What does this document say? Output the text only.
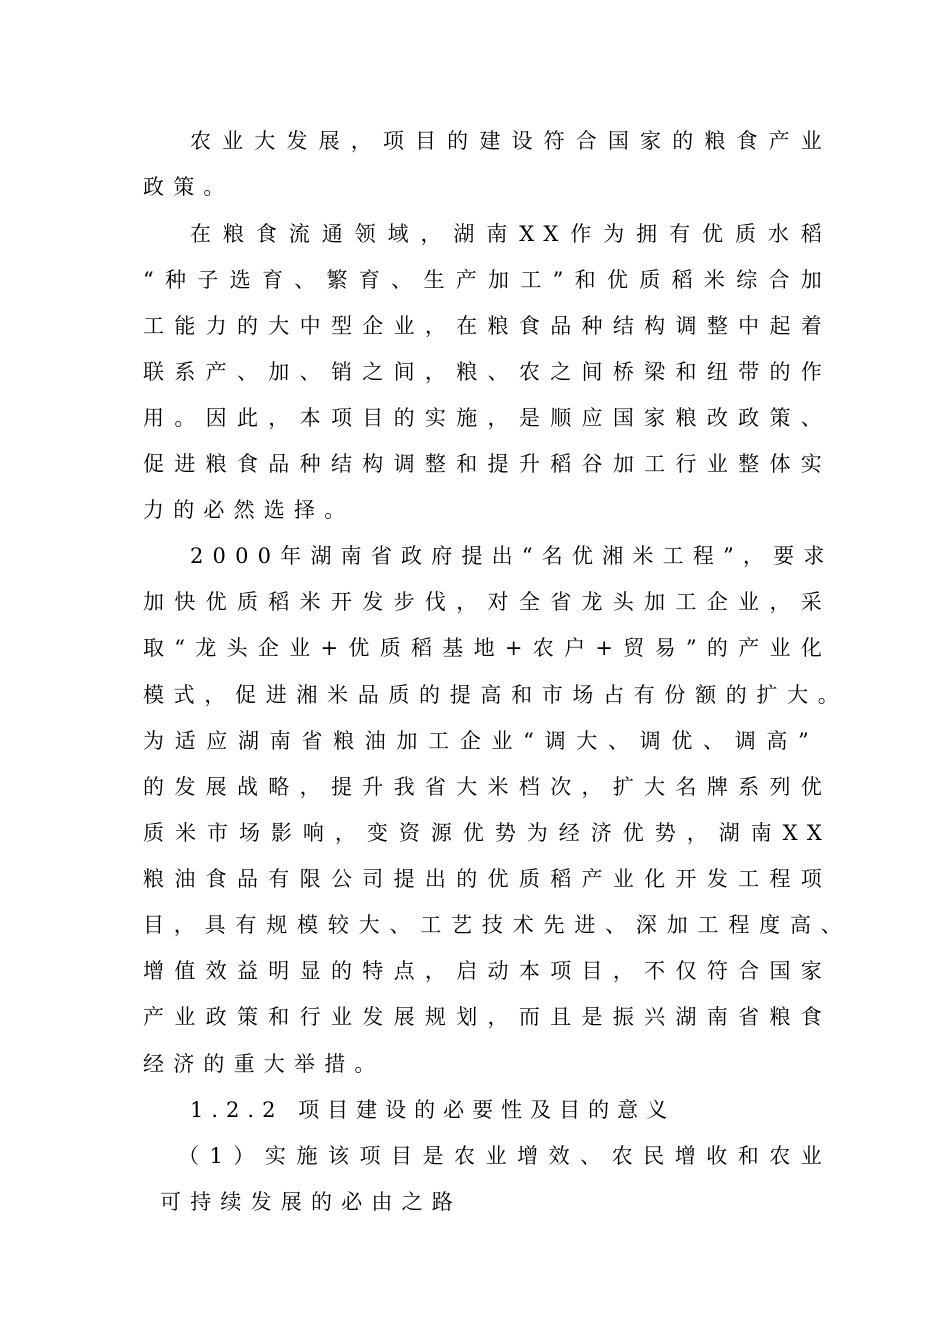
农业大发展，项目的建设符合国家的粮食产业
政策。
在粮食流通领域，湖南XX作为拥有优质水稻
“种子选育、繁育、生产加工”和优质稻米综合加
工能力的大中型企业，在粮食品种结构调整中起着
联系产、加、销之间，粮、农之间桥梁和纽带的作
用。因此，本项目的实施，是顺应国家粮改政策、
促进粮食品种结构调整和提升稻谷加工行业整体实
力的必然选择。
2000年湖南省政府提出“名优湘米工程”，要求
加快优质稻米开发步伐，对全省龙头加工企业，采
取“龙头企业+优质稻基地+农户+贸易”的产业化
模式，促进湘米品质的提高和市场占有份额的扩大。
为适应湖南省粮油加工企业“调大、调优、调高”
的发展战略，提升我省大米档次，扩大名牌系列优
质米市场影响，变资源优势为经济优势，湖南XX
粮油食品有限公司提出的优质稻产业化开发工程项
目，具有规模较大、工艺技术先进、深加工程度高、
增值效益明显的特点，启动本项目，不仅符合国家
产业政策和行业发展规划，而且是振兴湖南省粮食
经济的重大举措。
1.2.2 项目建设的必要性及目的意义
（1）实施该项目是农业增效、农民增收和农业
可持续发展的必由之路
